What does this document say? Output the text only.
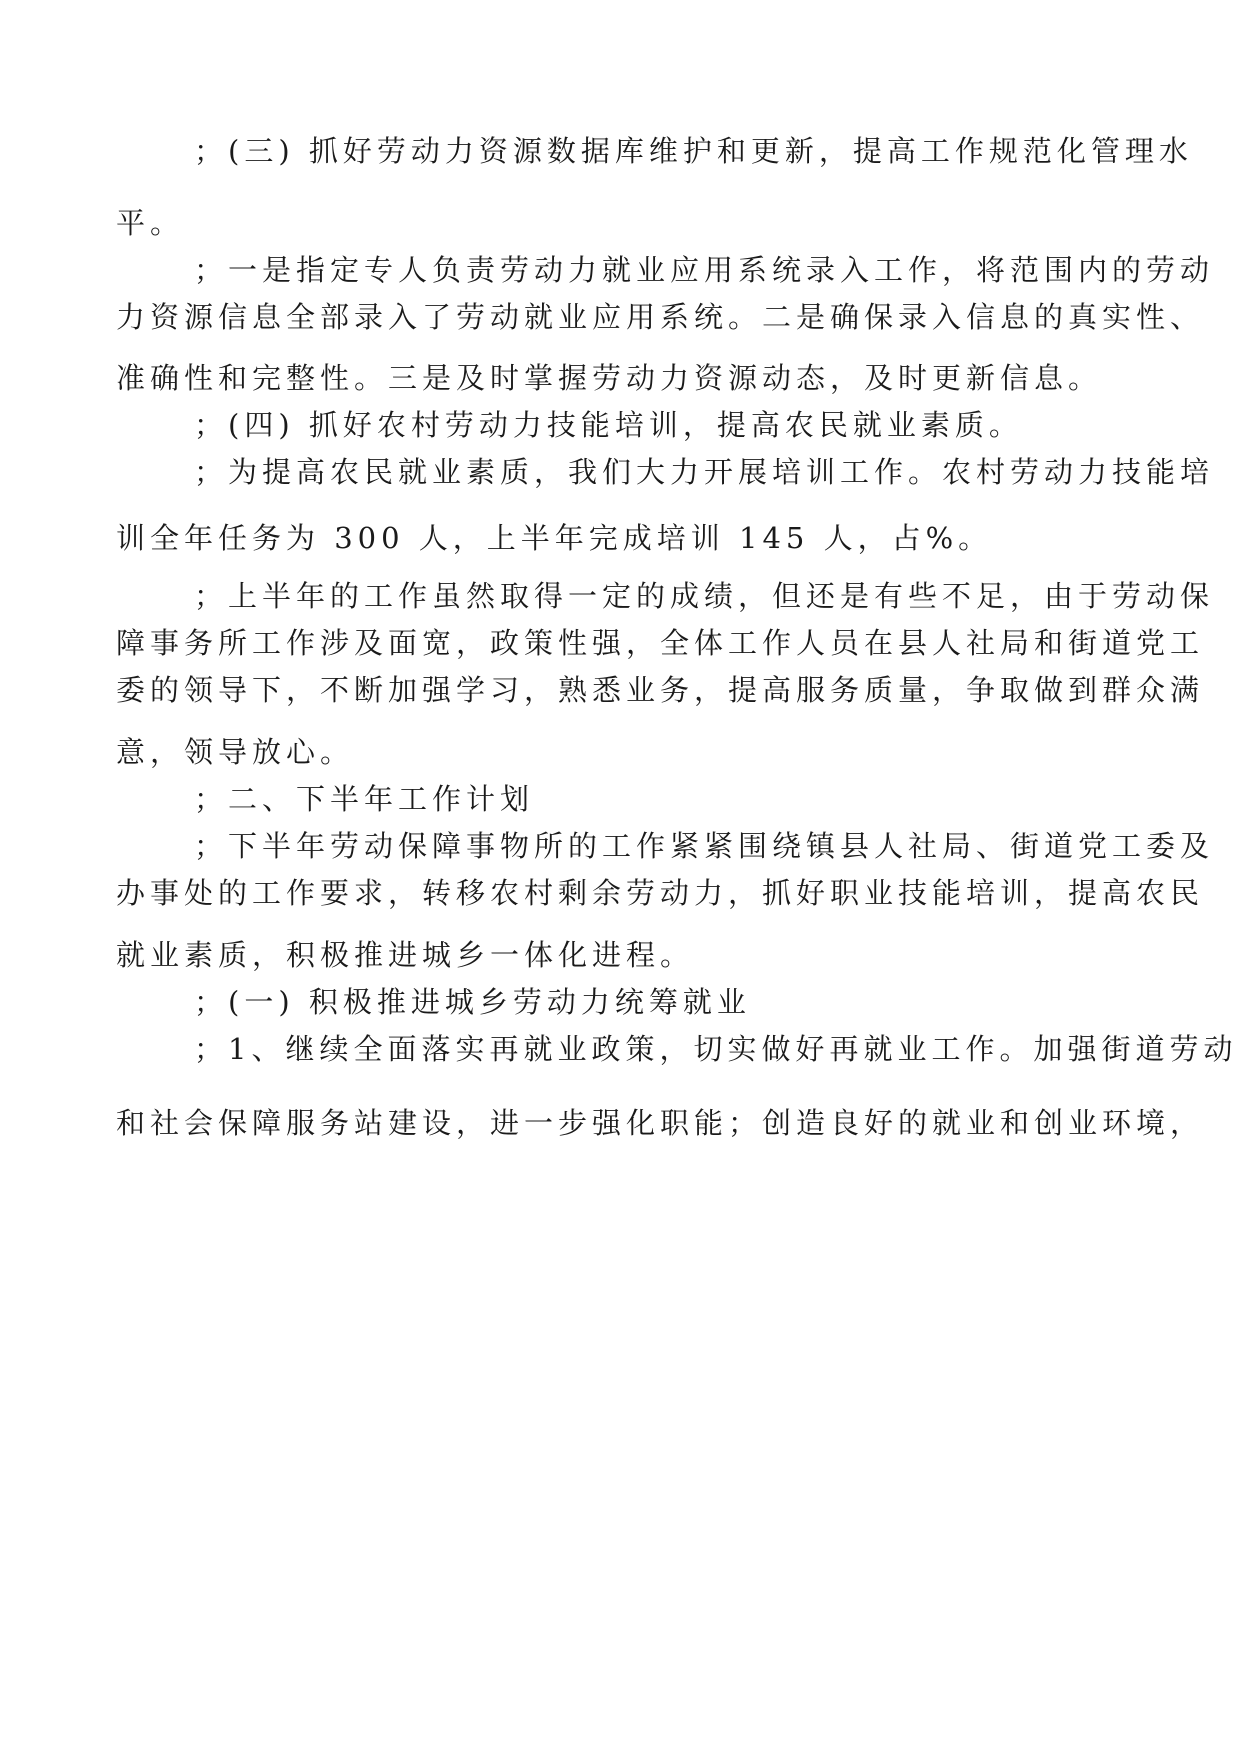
；(三) 抓好劳动力资源数据库维护和更新，提高工作规范化管理水

平。

；一是指定专人负责劳动力就业应用系统录入工作，将范围内的劳动

力资源信息全部录入了劳动就业应用系统。二是确保录入信息的真实性、

准确性和完整性。三是及时掌握劳动力资源动态，及时更新信息。

；(四) 抓好农村劳动力技能培训，提高农民就业素质。

；为提高农民就业素质，我们大力开展培训工作。农村劳动力技能培

训全年任务为 300 人，上半年完成培训 145 人，占%。

；上半年的工作虽然取得一定的成绩，但还是有些不足，由于劳动保

障事务所工作涉及面宽，政策性强，全体工作人员在县人社局和街道党工

委的领导下，不断加强学习，熟悉业务，提高服务质量，争取做到群众满

意，领导放心。

；二、下半年工作计划

；下半年劳动保障事物所的工作紧紧围绕镇县人社局、街道党工委及

办事处的工作要求，转移农村剩余劳动力，抓好职业技能培训，提高农民

就业素质，积极推进城乡一体化进程。

；(一) 积极推进城乡劳动力统筹就业

；1、继续全面落实再就业政策，切实做好再就业工作。加强街道劳动

和社会保障服务站建设，进一步强化职能；创造良好的就业和创业环境，
